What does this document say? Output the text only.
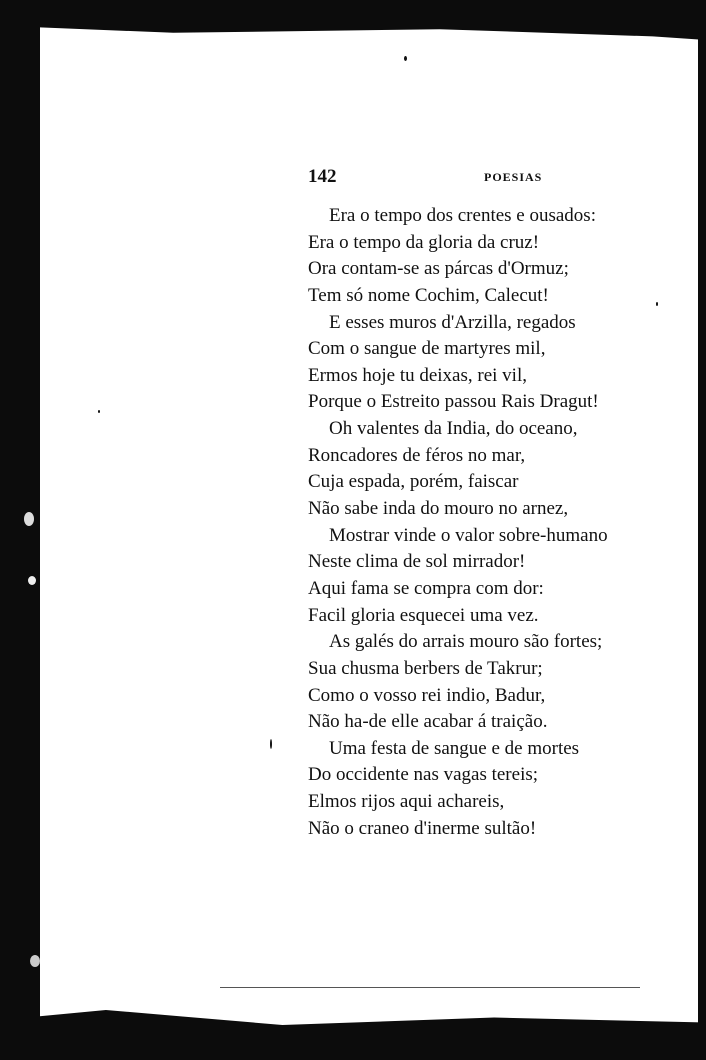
142	POESIAS
Era o tempo dos crentes e ousados:
Era o tempo da gloria da cruz!
Ora contam-se as párcas d'Ormuz;
Tem só nome Cochim, Calecut!
E esses muros d'Arzilla, regados
Com o sangue de martyres mil,
Ermos hoje tu deixas, rei vil,
Porque o Estreito passou Rais Dragut!
Oh valentes da India, do oceano,
Roncadores de féros no mar,
Cuja espada, porém, faiscar
Não sabe inda do mouro no arnez,
Mostrar vinde o valor sobre-humano
Neste clima de sol mirrador!
Aqui fama se compra com dor:
Facil gloria esquecei uma vez.
As galés do arrais mouro são fortes;
Sua chusma berbers de Takrur;
Como o vosso rei indio, Badur,
Não ha-de elle acabar á traição.
Uma festa de sangue e de mortes
Do occidente nas vagas tereis;
Elmos rijos aqui achareis,
Não o craneo d'inerme sultão!
